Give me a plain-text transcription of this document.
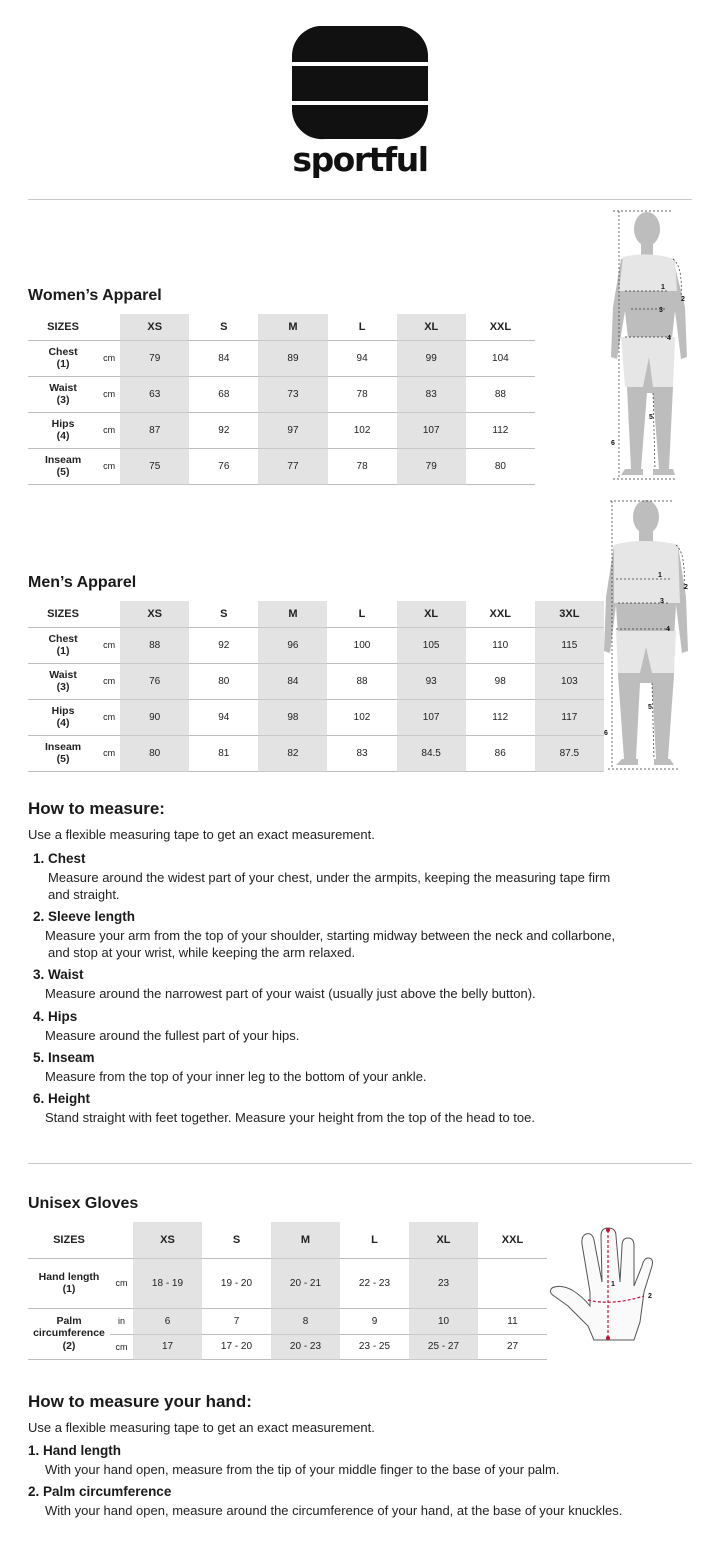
sportful
Women’s Apparel
SIZES		XS	S	M	L	XL	XXL
Chest
(1)	cm	79	84	89	94	99	104
Waist
(3)	cm	63	68	73	78	83	88
Hips
(4)	cm	87	92	97	102	107	112
Inseam
(5)	cm	75	76	77	78	79	80
1
2
3
4
5
6
Men’s Apparel
SIZES		XS	S	M	L	XL	XXL	3XL
Chest
(1)	cm	88	92	96	100	105	110	115
Waist
(3)	cm	76	80	84	88	93	98	103
Hips
(4)	cm	90	94	98	102	107	112	117
Inseam
(5)	cm	80	81	82	83	84.5	86	87.5
1
2
3
4
5
6
How to measure:
Use a flexible measuring tape to get an exact measurement.
1. Chest
Measure around the widest part of your chest, under the armpits, keeping the measuring tape firm
and straight.
2. Sleeve length
Measure your arm from the top of your shoulder, starting midway between the neck and collarbone,
and stop at your wrist, while keeping the arm relaxed.
3. Waist
Measure around the narrowest part of your waist (usually just above the belly button).
4. Hips
Measure around the fullest part of your hips.
5. Inseam
Measure from the top of your inner leg to the bottom of your ankle.
6. Height
Stand straight with feet together. Measure your height from the top of the head to toe.
Unisex Gloves
SIZES		XS	S	M	L	XL	XXL
Hand length
(1)	cm	18 - 19	19 - 20	20 - 21	22 - 23	23	
Palm
circumference
(2)	in	6	7	8	9	10	11
	cm	17	17 - 20	20 - 23	23 - 25	25 - 27	27
1
2
How to measure your hand:
Use a flexible measuring tape to get an exact measurement.
1. Hand length
With your hand open, measure from the tip of your middle finger to the base of your palm.
2. Palm circumference
With your hand open, measure around the circumference of your hand, at the base of your knuckles.
